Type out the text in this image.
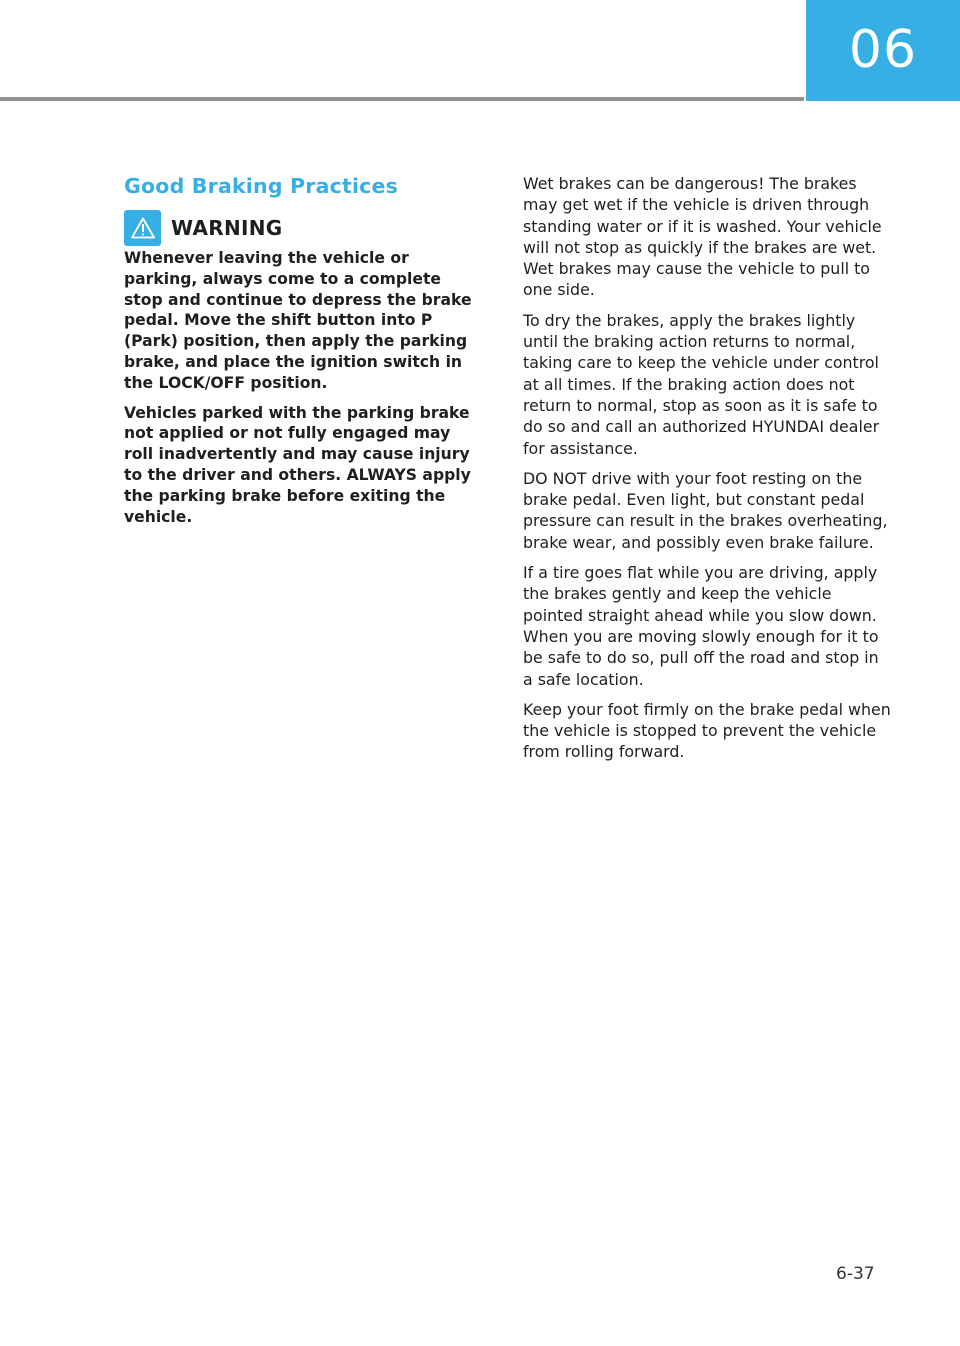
06
Good Braking Practices
WARNING

Whenever leaving the vehicle or parking, always come to a complete stop and continue to depress the brake pedal. Move the shift button into P (Park) position, then apply the parking brake, and place the ignition switch in the LOCK/OFF position.

Vehicles parked with the parking brake not applied or not fully engaged may roll inadvertently and may cause injury to the driver and others. ALWAYS apply the parking brake before exiting the vehicle.

Wet brakes can be dangerous! The brakes may get wet if the vehicle is driven through standing water or if it is washed. Your vehicle will not stop as quickly if the brakes are wet. Wet brakes may cause the vehicle to pull to one side.

To dry the brakes, apply the brakes lightly until the braking action returns to normal, taking care to keep the vehicle under control at all times. If the braking action does not return to normal, stop as soon as it is safe to do so and call an authorized HYUNDAI dealer for assistance.

DO NOT drive with your foot resting on the brake pedal. Even light, but constant pedal pressure can result in the brakes overheating, brake wear, and possibly even brake failure.

If a tire goes flat while you are driving, apply the brakes gently and keep the vehicle pointed straight ahead while you slow down. When you are moving slowly enough for it to be safe to do so, pull off the road and stop in a safe location.

Keep your foot firmly on the brake pedal when the vehicle is stopped to prevent the vehicle from rolling forward.

6-37
